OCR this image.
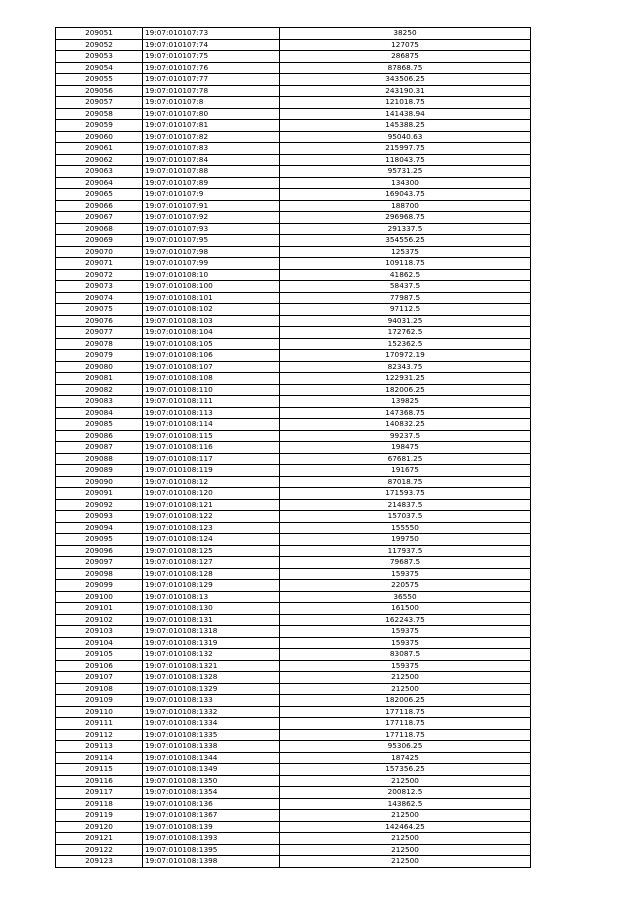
209051	19:07:010107:73	38250
209052	19:07:010107:74	127075
209053	19:07:010107:75	286875
209054	19:07:010107:76	87868.75
209055	19:07:010107:77	343506.25
209056	19:07:010107:78	243190.31
209057	19:07:010107:8	121018.75
209058	19:07:010107:80	141438.94
209059	19:07:010107:81	145388.25
209060	19:07:010107:82	95040.63
209061	19:07:010107:83	215997.75
209062	19:07:010107:84	118043.75
209063	19:07:010107:88	95731.25
209064	19:07:010107:89	134300
209065	19:07:010107:9	169043.75
209066	19:07:010107:91	188700
209067	19:07:010107:92	296968.75
209068	19:07:010107:93	291337.5
209069	19:07:010107:95	354556.25
209070	19:07:010107:98	125375
209071	19:07:010107:99	109118.75
209072	19:07:010108:10	41862.5
209073	19:07:010108:100	58437.5
209074	19:07:010108:101	77987.5
209075	19:07:010108:102	97112.5
209076	19:07:010108:103	94031.25
209077	19:07:010108:104	172762.5
209078	19:07:010108:105	152362.5
209079	19:07:010108:106	170972.19
209080	19:07:010108:107	82343.75
209081	19:07:010108:108	122931.25
209082	19:07:010108:110	182006.25
209083	19:07:010108:111	139825
209084	19:07:010108:113	147368.75
209085	19:07:010108:114	140832.25
209086	19:07:010108:115	99237.5
209087	19:07:010108:116	198475
209088	19:07:010108:117	67681.25
209089	19:07:010108:119	191675
209090	19:07:010108:12	87018.75
209091	19:07:010108:120	171593.75
209092	19:07:010108:121	214837.5
209093	19:07:010108:122	157037.5
209094	19:07:010108:123	155550
209095	19:07:010108:124	199750
209096	19:07:010108:125	117937.5
209097	19:07:010108:127	79687.5
209098	19:07:010108:128	159375
209099	19:07:010108:129	220575
209100	19:07:010108:13	36550
209101	19:07:010108:130	161500
209102	19:07:010108:131	162243.75
209103	19:07:010108:1318	159375
209104	19:07:010108:1319	159375
209105	19:07:010108:132	83087.5
209106	19:07:010108:1321	159375
209107	19:07:010108:1328	212500
209108	19:07:010108:1329	212500
209109	19:07:010108:133	182006.25
209110	19:07:010108:1332	177118.75
209111	19:07:010108:1334	177118.75
209112	19:07:010108:1335	177118.75
209113	19:07:010108:1338	95306.25
209114	19:07:010108:1344	187425
209115	19:07:010108:1349	157356.25
209116	19:07:010108:1350	212500
209117	19:07:010108:1354	200812.5
209118	19:07:010108:136	143862.5
209119	19:07:010108:1367	212500
209120	19:07:010108:139	142464.25
209121	19:07:010108:1393	212500
209122	19:07:010108:1395	212500
209123	19:07:010108:1398	212500
